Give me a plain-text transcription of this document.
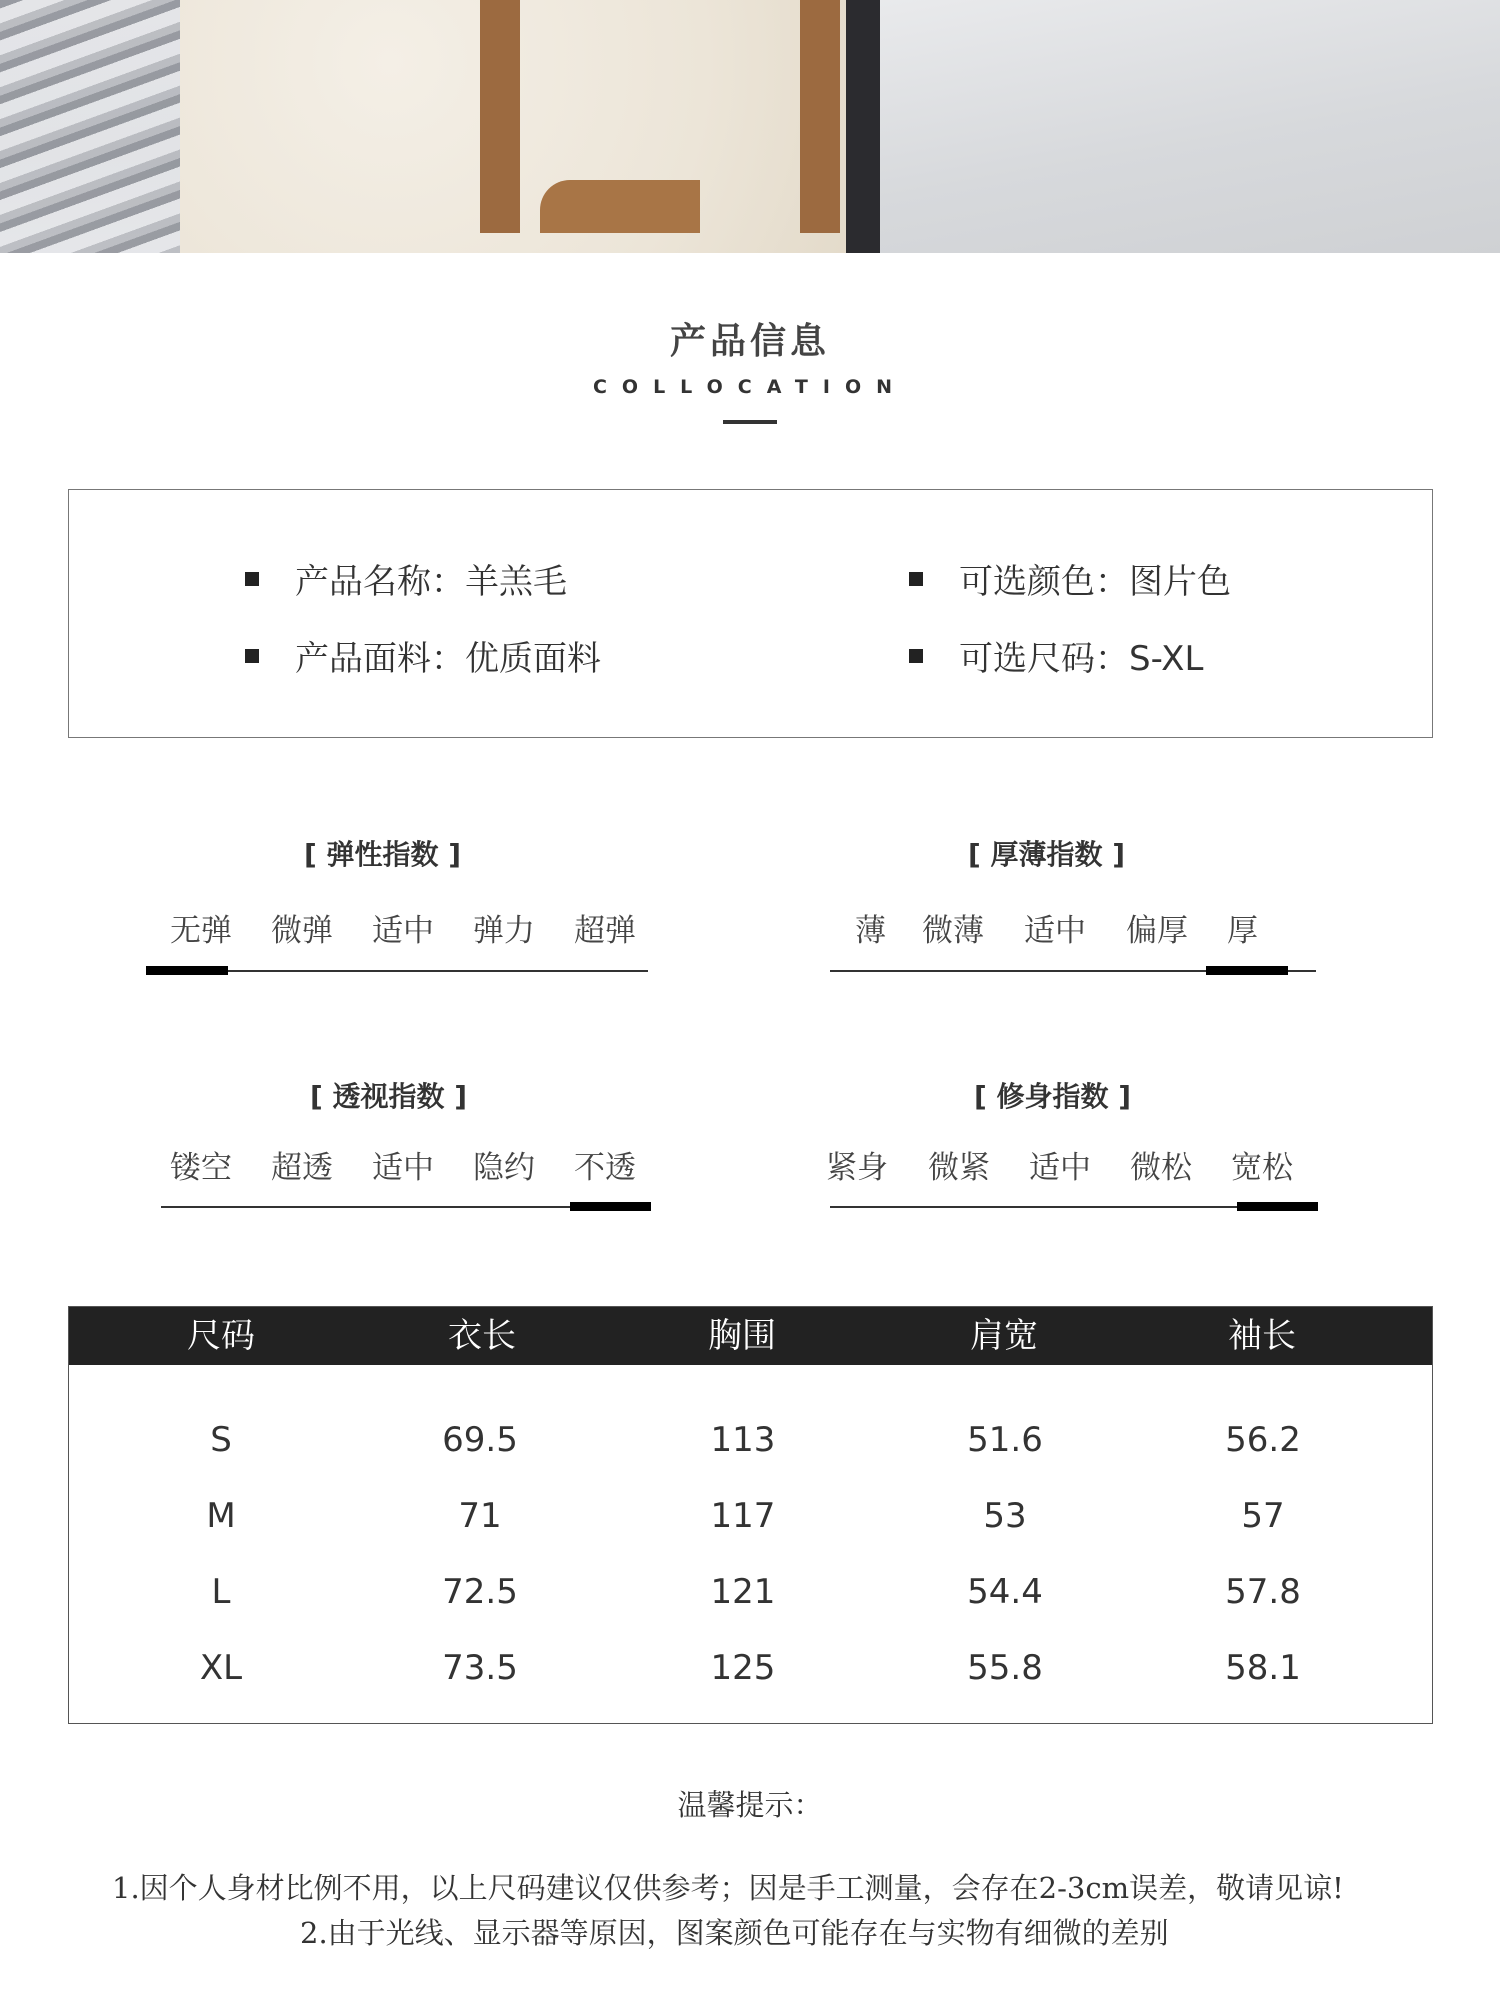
产品信息
COLLOCATION
产品名称：羊羔毛	可选颜色：图片色
产品面料：优质面料	可选尺码：S-XL
[ 弹性指数 ]
无弹	微弹	适中	弹力	超弹
[ 厚薄指数 ]
薄	微薄	适中	偏厚	厚
[ 透视指数 ]
镂空	超透	适中	隐约	不透
[ 修身指数 ]
紧身	微紧	适中	微松	宽松
尺码	衣长	胸围	肩宽	袖长
S	69.5	113	51.6	56.2
M	71	117	53	57
L	72.5	121	54.4	57.8
XL	73.5	125	55.8	58.1
温馨提示：
1.因个人身材比例不用，以上尺码建议仅供参考；因是手工测量，会存在2-3cm误差，敬请见谅!
2.由于光线、显示器等原因，图案颜色可能存在与实物有细微的差别
